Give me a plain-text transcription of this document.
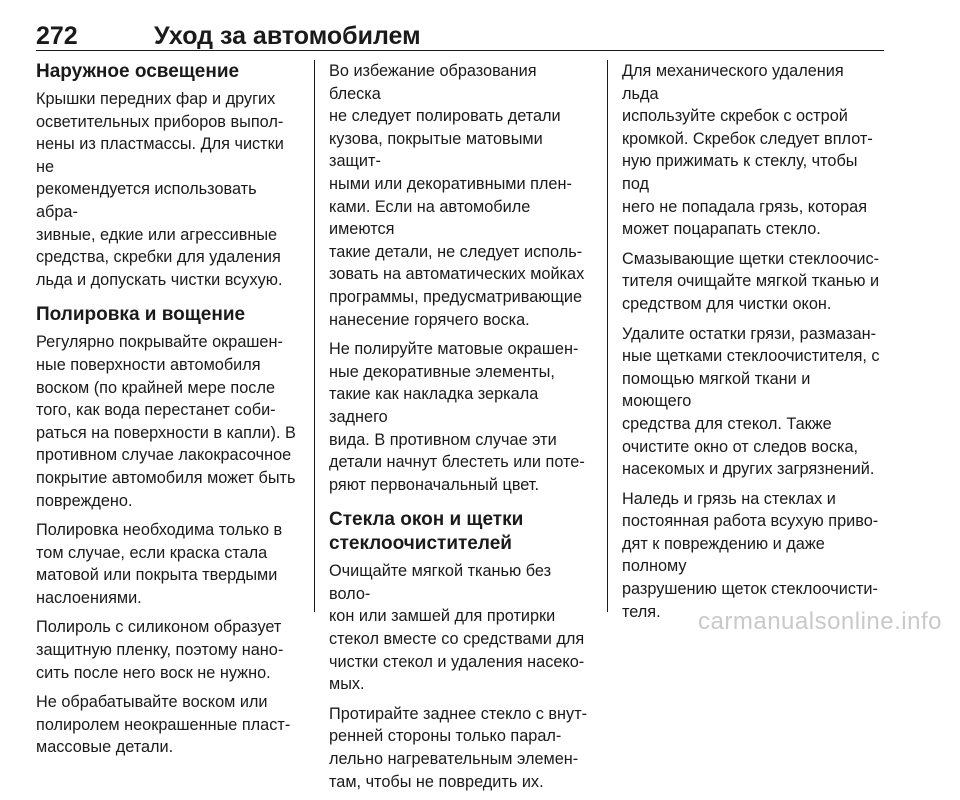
272	Уход за автомобилем
Наружное освещение

Крышки передних фар и других
осветительных приборов выпол-
нены из пластмассы. Для чистки не
рекомендуется использовать абра-
зивные, едкие или агрессивные
средства, скребки для удаления
льда и допускать чистки всухую.

Полировка и вощение

Регулярно покрывайте окрашен-
ные поверхности автомобиля
воском (по крайней мере после
того, как вода перестанет соби-
раться на поверхности в капли). В
противном случае лакокрасочное
покрытие автомобиля может быть
повреждено.

Полировка необходима только в
том случае, если краска стала
матовой или покрыта твердыми
наслоениями.

Полироль с силиконом образует
защитную пленку, поэтому нано-
сить после него воск не нужно.

Не обрабатывайте воском или
полиролем неокрашенные пласт-
массовые детали.

Во избежание образования блеска
не следует полировать детали
кузова, покрытые матовыми защит-
ными или декоративными плен-
ками. Если на автомобиле имеются
такие детали, не следует исполь-
зовать на автоматических мойках
программы, предусматривающие
нанесение горячего воска.

Не полируйте матовые окрашен-
ные декоративные элементы,
такие как накладка зеркала заднего
вида. В противном случае эти
детали начнут блестеть или поте-
ряют первоначальный цвет.

Стекла окон и щетки
стеклоочистителей

Очищайте мягкой тканью без воло-
кон или замшей для протирки
стекол вместе со средствами для
чистки стекол и удаления насеко-
мых.

Протирайте заднее стекло с внут-
ренней стороны только парал-
лельно нагревательным элемен-
там, чтобы не повредить их.

Для механического удаления льда
используйте скребок с острой
кромкой. Скребок следует вплот-
ную прижимать к стеклу, чтобы под
него не попадала грязь, которая
может поцарапать стекло.

Смазывающие щетки стеклоочис-
тителя очищайте мягкой тканью и
средством для чистки окон.

Удалите остатки грязи, размазан-
ные щетками стеклоочистителя, с
помощью мягкой ткани и моющего
средства для стекол. Также
очистите окно от следов воска,
насекомых и других загрязнений.

Наледь и грязь на стеклах и
постоянная работа всухую приво-
дят к повреждению и даже полному
разрушению щеток стеклоочисти-
теля.	carmanualsonline.info
